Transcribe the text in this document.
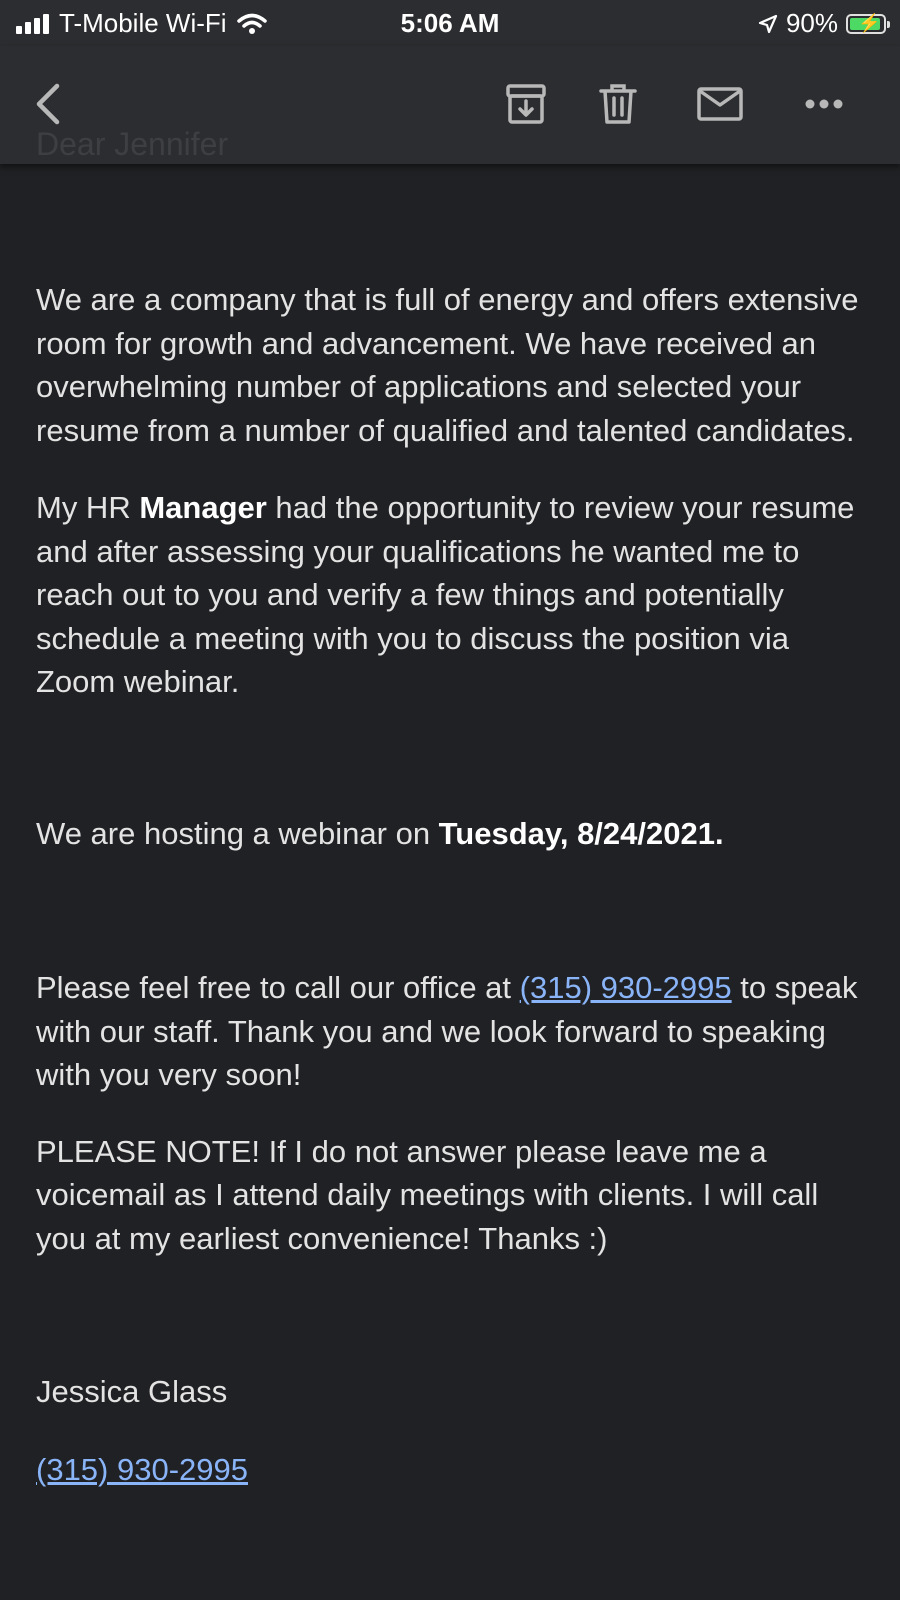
T-Mobile Wi-Fi	5:06 AM	90% ⚡
Dear Jennifer

We are a company that is full of energy and offers extensive room for growth and advancement. We have received an overwhelming number of applications and selected your resume from a number of qualified and talented candidates.

My HR Manager had the opportunity to review your resume and after assessing your qualifications he wanted me to reach out to you and verify a few things and potentially schedule a meeting with you to discuss the position via Zoom webinar.

We are hosting a webinar on Tuesday, 8/24/2021.

Please feel free to call our office at (315) 930-2995 to speak with our staff. Thank you and we look forward to speaking with you very soon!

PLEASE NOTE! If I do not answer please leave me a voicemail as I attend daily meetings with clients. I will call you at my earliest convenience! Thanks :)

Jessica Glass

(315) 930-2995
